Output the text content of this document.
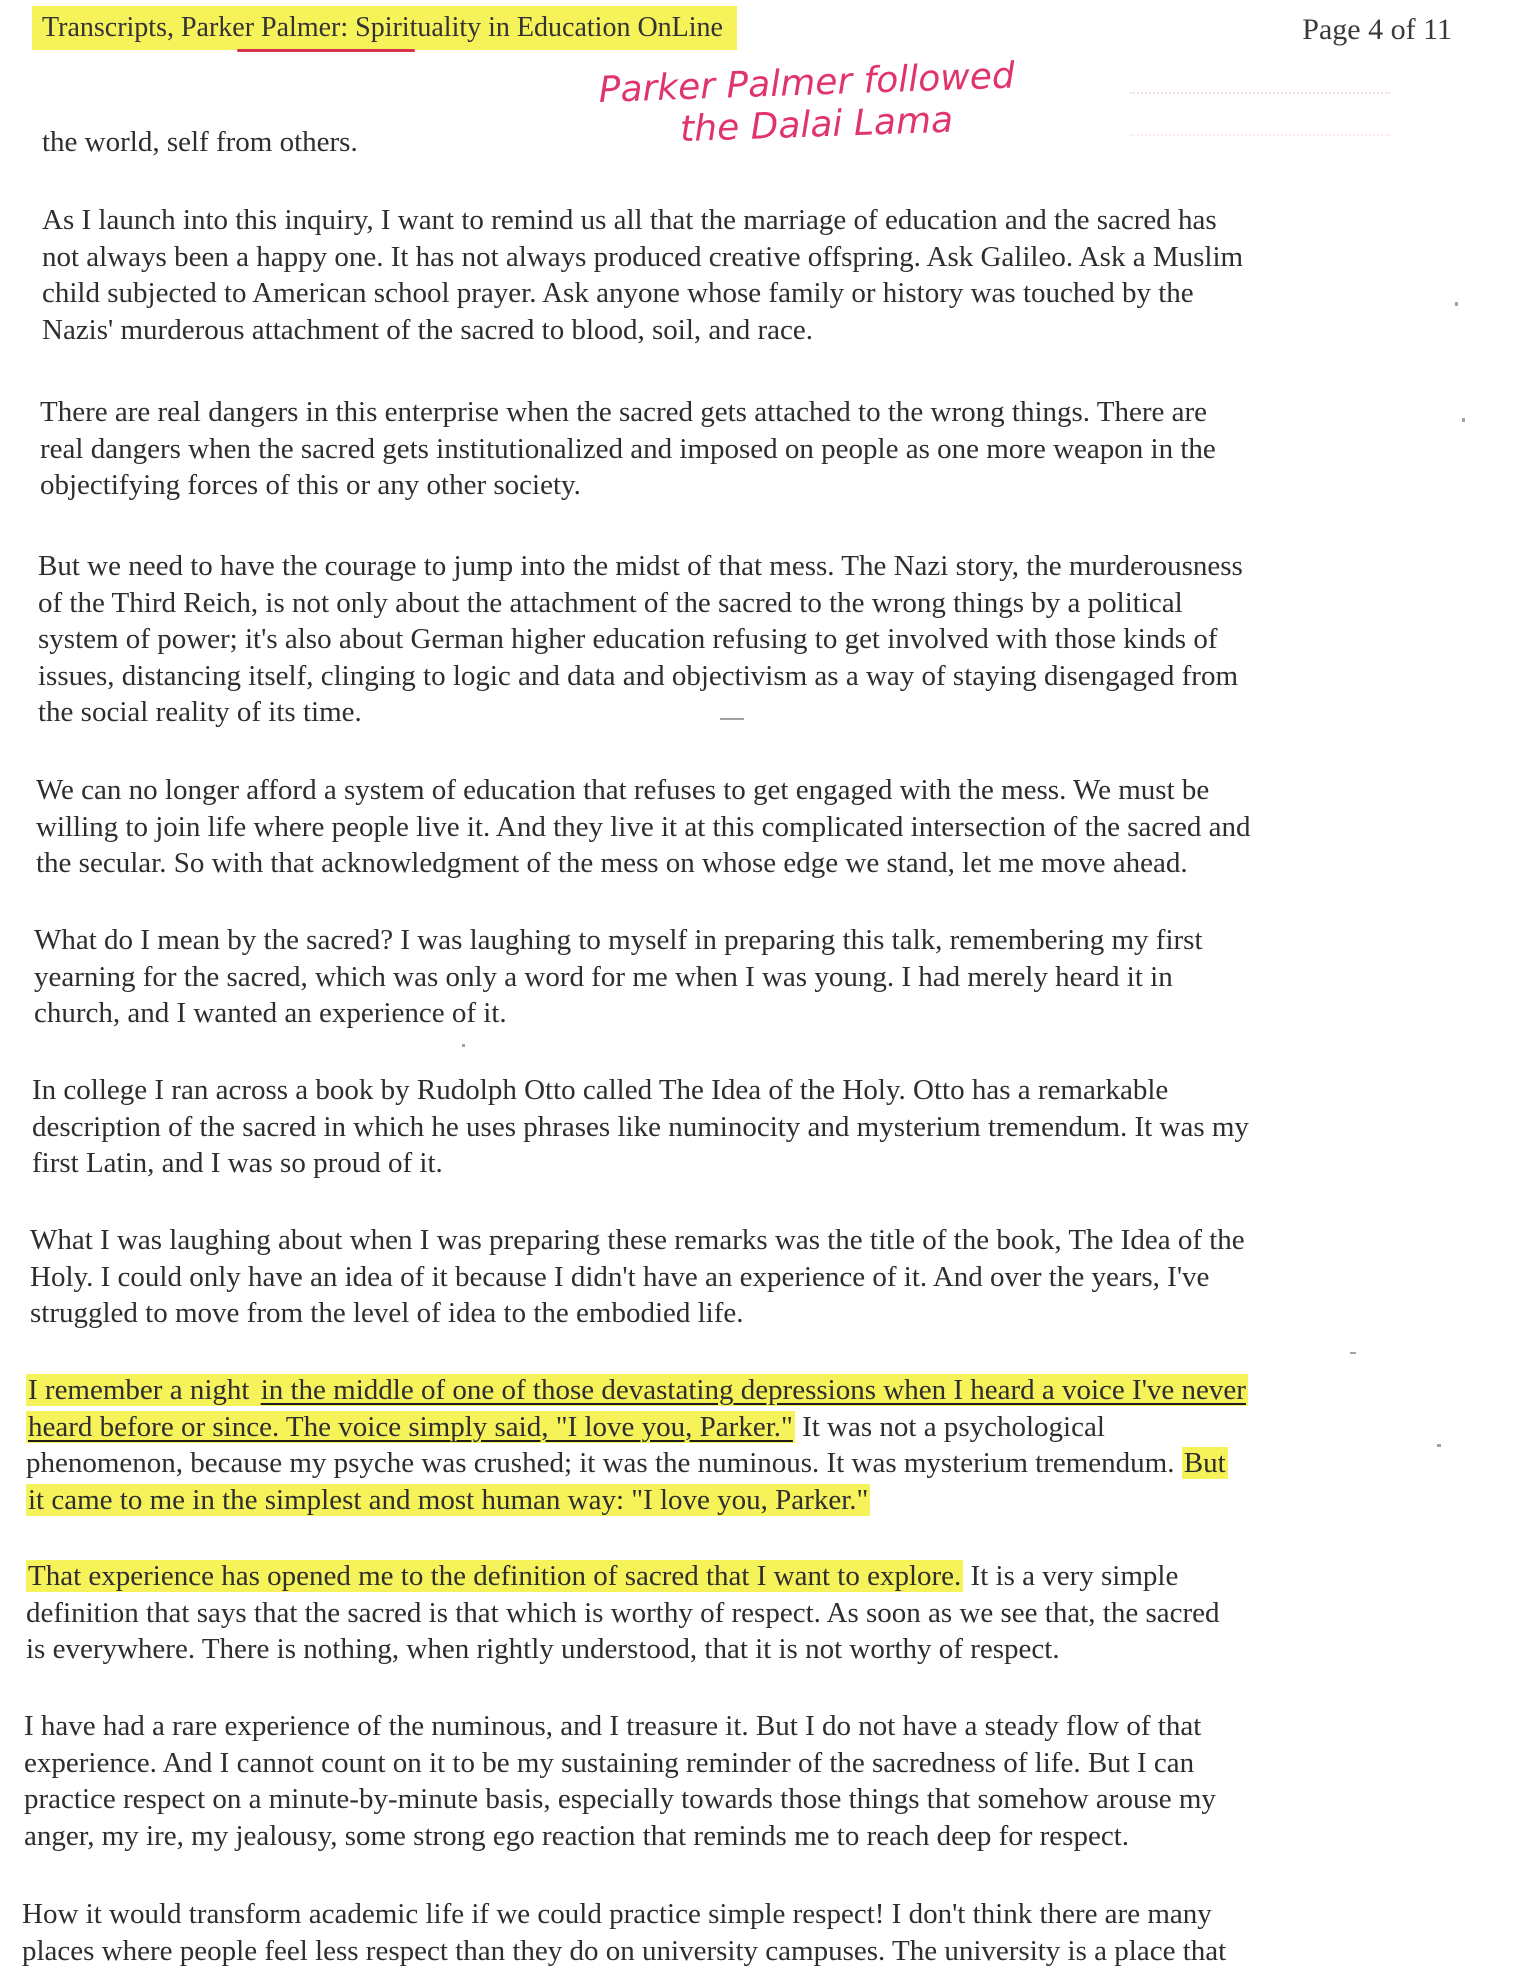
Transcripts, Parker Palmer: Spirituality in Education OnLine	Page 4 of 11
Parker Palmer followed
the Dalai Lama

the world, self from others.

As I launch into this inquiry, I want to remind us all that the marriage of education and the sacred has
not always been a happy one. It has not always produced creative offspring. Ask Galileo. Ask a Muslim
child subjected to American school prayer. Ask anyone whose family or history was touched by the
Nazis' murderous attachment of the sacred to blood, soil, and race.

There are real dangers in this enterprise when the sacred gets attached to the wrong things. There are
real dangers when the sacred gets institutionalized and imposed on people as one more weapon in the
objectifying forces of this or any other society.

But we need to have the courage to jump into the midst of that mess. The Nazi story, the murderousness
of the Third Reich, is not only about the attachment of the sacred to the wrong things by a political
system of power; it's also about German higher education refusing to get involved with those kinds of
issues, distancing itself, clinging to logic and data and objectivism as a way of staying disengaged from
the social reality of its time.

We can no longer afford a system of education that refuses to get engaged with the mess. We must be
willing to join life where people live it. And they live it at this complicated intersection of the sacred and
the secular. So with that acknowledgment of the mess on whose edge we stand, let me move ahead.

What do I mean by the sacred? I was laughing to myself in preparing this talk, remembering my first
yearning for the sacred, which was only a word for me when I was young. I had merely heard it in
church, and I wanted an experience of it.

In college I ran across a book by Rudolph Otto called The Idea of the Holy. Otto has a remarkable
description of the sacred in which he uses phrases like numinocity and mysterium tremendum. It was my
first Latin, and I was so proud of it.

What I was laughing about when I was preparing these remarks was the title of the book, The Idea of the
Holy. I could only have an idea of it because I didn't have an experience of it. And over the years, I've
struggled to move from the level of idea to the embodied life.

I remember a night in the middle of one of those devastating depressions when I heard a voice I've never
heard before or since. The voice simply said, "I love you, Parker." It was not a psychological
phenomenon, because my psyche was crushed; it was the numinous. It was mysterium tremendum. But
it came to me in the simplest and most human way: "I love you, Parker."

That experience has opened me to the definition of sacred that I want to explore. It is a very simple
definition that says that the sacred is that which is worthy of respect. As soon as we see that, the sacred
is everywhere. There is nothing, when rightly understood, that it is not worthy of respect.

I have had a rare experience of the numinous, and I treasure it. But I do not have a steady flow of that
experience. And I cannot count on it to be my sustaining reminder of the sacredness of life. But I can
practice respect on a minute-by-minute basis, especially towards those things that somehow arouse my
anger, my ire, my jealousy, some strong ego reaction that reminds me to reach deep for respect.

How it would transform academic life if we could practice simple respect! I don't think there are many
places where people feel less respect than they do on university campuses. The university is a place that
